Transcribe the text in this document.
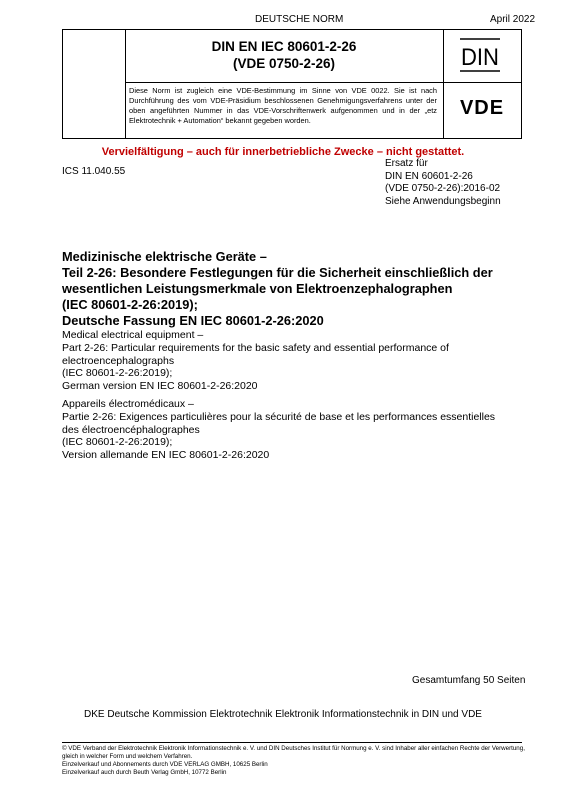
DEUTSCHE NORM	April 2022
DIN EN IEC 80601-2-26
(VDE 0750-2-26)
Diese Norm ist zugleich eine VDE-Bestimmung im Sinne von VDE 0022. Sie ist nach Durchführung des vom VDE-Präsidium beschlossenen Genehmigungsverfahrens unter der oben angeführten Nummer in das VDE-Vorschriftenwerk aufgenommen und in der „etz Elektrotechnik + Automation“ bekannt gegeben worden.
DIN
VDE
Vervielfältigung – auch für innerbetriebliche Zwecke – nicht gestattet.
ICS 11.040.55
Ersatz für
DIN EN 60601-2-26
(VDE 0750-2-26):2016-02
Siehe Anwendungsbeginn
Medizinische elektrische Geräte –
Teil 2-26: Besondere Festlegungen für die Sicherheit einschließlich der
wesentlichen Leistungsmerkmale von Elektroenzephalographen
(IEC 80601-2-26:2019);
Deutsche Fassung EN IEC 80601-2-26:2020
Medical electrical equipment –
Part 2-26: Particular requirements for the basic safety and essential performance of
electroencephalographs
(IEC 80601-2-26:2019);
German version EN IEC 80601-2-26:2020
Appareils électromédicaux –
Partie 2-26: Exigences particulières pour la sécurité de base et les performances essentielles
des électroencéphalographes
(IEC 80601-2-26:2019);
Version allemande EN IEC 80601-2-26:2020
Gesamtumfang 50 Seiten
DKE Deutsche Kommission Elektrotechnik Elektronik Informationstechnik in DIN und VDE
© VDE Verband der Elektrotechnik Elektronik Informationstechnik e. V. und DIN Deutsches Institut für Normung e. V. sind Inhaber aller einfachen Rechte der Verwertung,
gleich in welcher Form und welchem Verfahren.
Einzelverkauf und Abonnements durch VDE VERLAG GMBH, 10625 Berlin
Einzelverkauf auch durch Beuth Verlag GmbH, 10772 Berlin
